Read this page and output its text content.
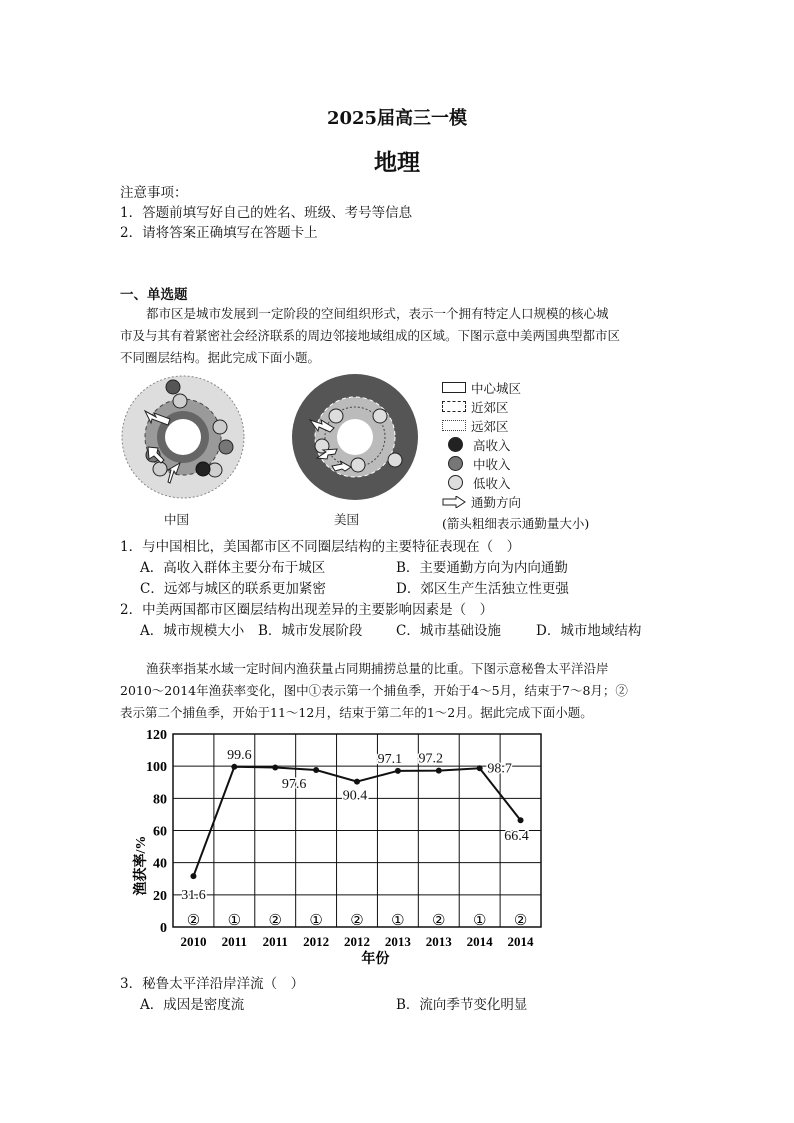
2025届高三一模
地理
注意事项：
1．答题前填写好自己的姓名、班级、考号等信息
2．请将答案正确填写在答题卡上
一、单选题
都市区是城市发展到一定阶段的空间组织形式，表示一个拥有特定人口规模的核心城
市及与其有着紧密社会经济联系的周边邻接地域组成的区域。下图示意中美两国典型都市区
不同圈层结构。据此完成下面小题。
中国	美国
中心城区
近郊区
远郊区
高收入
中收入
低收入
通勤方向
(箭头粗细表示通勤量大小)
1．与中国相比，美国都市区不同圈层结构的主要特征表现在（　）
A．高收入群体主要分布于城区	B．主要通勤方向为内向通勤
C．远郊与城区的联系更加紧密	D．郊区生产生活独立性更强
2．中美两国都市区圈层结构出现差异的主要影响因素是（　）
A．城市规模大小 B．城市发展阶段 C．城市基础设施	D．城市地域结构
渔获率指某水域一定时间内渔获量占同期捕捞总量的比重。下图示意秘鲁太平洋沿岸
2010～2014年渔获率变化，图中①表示第一个捕鱼季，开始于4～5月，结束于7～8月；②
表示第二个捕鱼季，开始于11～12月，结束于第二年的1～2月。据此完成下面小题。
0
20
40
60
80
100
120
②
2010
①
2011
②
2011
①
2012
②
2012
①
2013
②
2013
①
2014
②
2014
年份
渔获率/%
31.6
99.6
97.6
97.1
90.4
97.2
98.7
66.4
3．秘鲁太平洋沿岸洋流（　）
A．成因是密度流	B．流向季节变化明显
